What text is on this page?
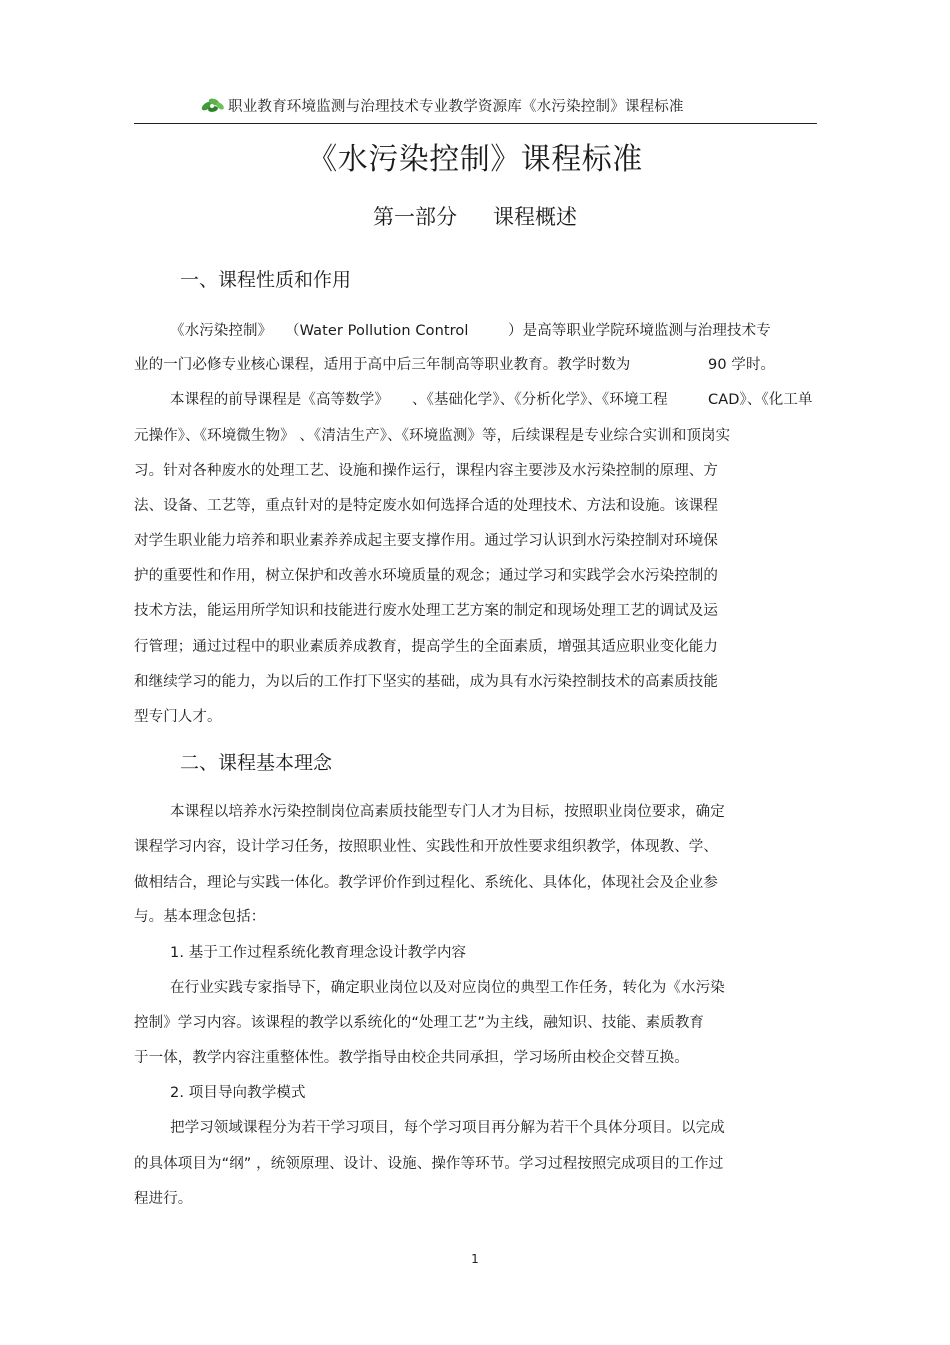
职业教育环境监测与治理技术专业教学资源库《水污染控制》课程标准
《水污染控制》课程标准
第一部分 课程概述
一、课程性质和作用
《水污染控制》 （Water Pollution Control	）是高等职业学院环境监测与治理技术专
业的一门必修专业核心课程，适用于高中后三年制高等职业教育。教学时数为	90 学时。
本课程的前导课程是《高等数学》 、《基础化学》、《分析化学》、《环境工程	CAD》、《化工单
元操作》、《环境微生物》 、《清洁生产》、《环境监测》等，后续课程是专业综合实训和顶岗实
习。针对各种废水的处理工艺、设施和操作运行，课程内容主要涉及水污染控制的原理、方
法、设备、工艺等，重点针对的是特定废水如何选择合适的处理技术、方法和设施。该课程
对学生职业能力培养和职业素养养成起主要支撑作用。通过学习认识到水污染控制对环境保
护的重要性和作用，树立保护和改善水环境质量的观念；通过学习和实践学会水污染控制的
技术方法，能运用所学知识和技能进行废水处理工艺方案的制定和现场处理工艺的调试及运
行管理；通过过程中的职业素质养成教育，提高学生的全面素质，增强其适应职业变化能力
和继续学习的能力，为以后的工作打下坚实的基础，成为具有水污染控制技术的高素质技能
型专门人才。
二、课程基本理念
本课程以培养水污染控制岗位高素质技能型专门人才为目标，按照职业岗位要求，确定
课程学习内容，设计学习任务，按照职业性、实践性和开放性要求组织教学，体现教、学、
做相结合，理论与实践一体化。教学评价作到过程化、系统化、具体化，体现社会及企业参
与。基本理念包括：
1. 基于工作过程系统化教育理念设计教学内容
在行业实践专家指导下，确定职业岗位以及对应岗位的典型工作任务，转化为《水污染
控制》学习内容。该课程的教学以系统化的“处理工艺”为主线，融知识、技能、素质教育
于一体，教学内容注重整体性。教学指导由校企共同承担，学习场所由校企交替互换。
2. 项目导向教学模式
把学习领域课程分为若干学习项目，每个学习项目再分解为若干个具体分项目。以完成
的具体项目为“纲” ，统领原理、设计、设施、操作等环节。学习过程按照完成项目的工作过
程进行。
1
